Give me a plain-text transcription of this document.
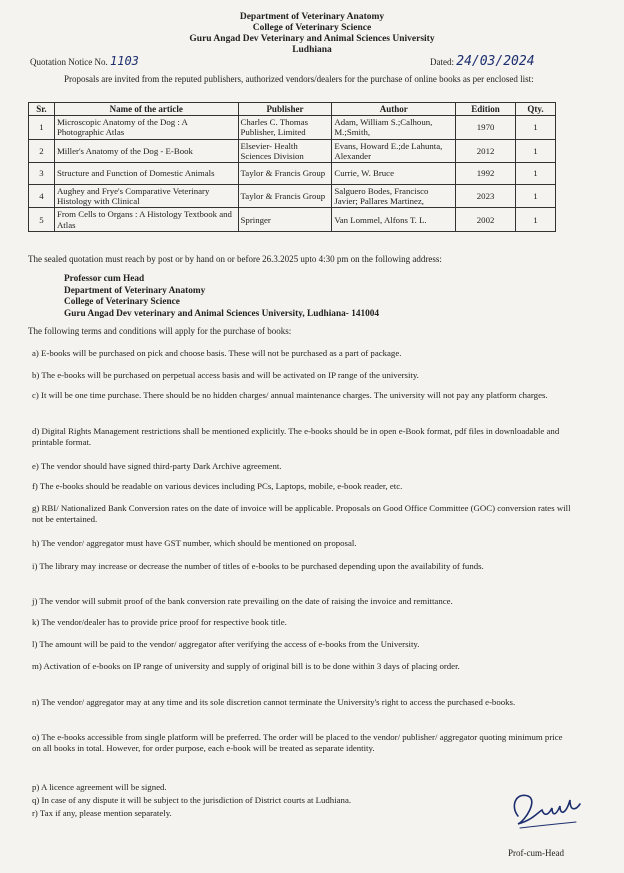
Department of Veterinary Anatomy
College of Veterinary Science
Guru Angad Dev Veterinary and Animal Sciences University
Ludhiana
Quotation Notice No. 1103	Dated: 24/03/2024
Proposals are invited from the reputed publishers, authorized vendors/dealers for the purchase of online books as per enclosed list:
Sr.	Name of the article	Publisher	Author	Edition	Qty.
1	Microscopic Anatomy of the Dog : A Photographic Atlas	Charles C. Thomas Publisher, Limited	Adam, William S.;Calhoun, M.;Smith,	1970	1
2	Miller's Anatomy of the Dog - E-Book	Elsevier- Health Sciences Division	Evans, Howard E.;de Lahunta, Alexander	2012	1
3	Structure and Function of Domestic Animals	Taylor & Francis Group	Currie, W. Bruce	1992	1
4	Aughey and Frye's Comparative Veterinary Histology with Clinical	Taylor & Francis Group	Salguero Bodes, Francisco Javier; Pallares Martinez,	2023	1
5	From Cells to Organs : A Histology Textbook and Atlas	Springer	Van Lommel, Alfons T. L.	2002	1
The sealed quotation must reach by post or by hand on or before 26.3.2025 upto 4:30 pm on the following address:
Professor cum Head
Department of Veterinary Anatomy
College of Veterinary Science
Guru Angad Dev veterinary and Animal Sciences University, Ludhiana- 141004
The following terms and conditions will apply for the purchase of books:
a) E-books will be purchased on pick and choose basis. These will not be purchased as a part of package.
b) The e-books will be purchased on perpetual access basis and will be activated on IP range of the university.
c) It will be one time purchase. There should be no hidden charges/ annual maintenance charges. The university will not pay any platform charges.
d) Digital Rights Management restrictions shall be mentioned explicitly. The e-books should be in open e-Book format, pdf files in downloadable and printable format.
e) The vendor should have signed third-party Dark Archive agreement.
f) The e-books should be readable on various devices including PCs, Laptops, mobile, e-book reader, etc.
g) RBI/ Nationalized Bank Conversion rates on the date of invoice will be applicable. Proposals on Good Office Committee (GOC) conversion rates will not be entertained.
h) The vendor/ aggregator must have GST number, which should be mentioned on proposal.
i) The library may increase or decrease the number of titles of e-books to be purchased depending upon the availability of funds.
j) The vendor will submit proof of the bank conversion rate prevailing on the date of raising the invoice and remittance.
k) The vendor/dealer has to provide price proof for respective book title.
l) The amount will be paid to the vendor/ aggregator after verifying the access of e-books from the University.
m) Activation of e-books on IP range of university and supply of original bill is to be done within 3 days of placing order.
n) The vendor/ aggregator may at any time and its sole discretion cannot terminate the University's right to access the purchased e-books.
o) The e-books accessible from single platform will be preferred. The order will be placed to the vendor/ publisher/ aggregator quoting minimum price on all books in total. However, for order purpose, each e-book will be treated as separate identity.
p) A licence agreement will be signed.
q) In case of any dispute it will be subject to the jurisdiction of District courts at Ludhiana.
r) Tax if any, please mention separately.
Prof-cum-Head
